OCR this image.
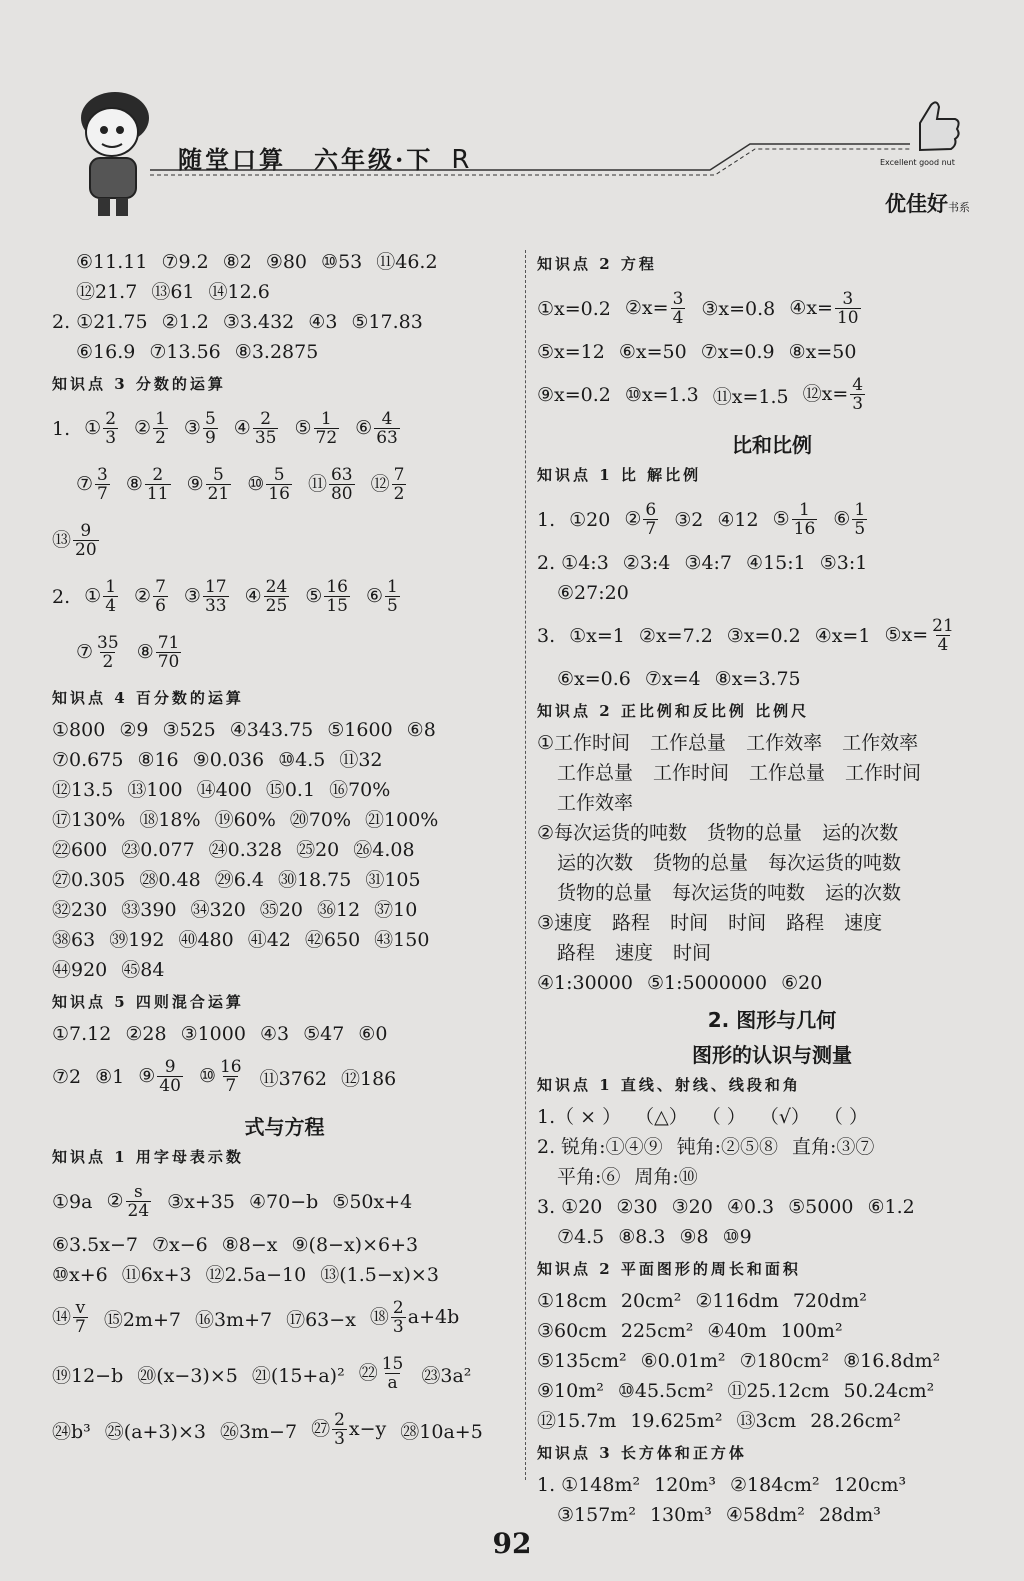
随堂口算 六年级·下 R	Excellent good nut
优佳好书系
⑥11.11 ⑦9.2 ⑧2 ⑨80 ⑩53 ⑪46.2
⑫21.7 ⑬61 ⑭12.6
2. ①21.75 ②1.2 ③3.432 ④3 ⑤17.83
⑥16.9 ⑦13.56 ⑧3.2875
知识点 3 分数的运算
1. ① $\frac{2}{3}$ ② $\frac{1}{2}$ ③ $\frac{5}{9}$ ④ $\frac{2}{35}$ ⑤ $\frac{1}{72}$ ⑥ $\frac{4}{63}$
⑦ $\frac{3}{7}$ ⑧ $\frac{2}{11}$ ⑨ $\frac{5}{21}$ ⑩ $\frac{5}{16}$ ⑪ $\frac{63}{80}$ ⑫ $\frac{7}{2}$
⑬ $\frac{9}{20}$
2. ① $\frac{1}{4}$ ② $\frac{7}{6}$ ③ $\frac{17}{33}$ ④ $\frac{24}{25}$ ⑤ $\frac{16}{15}$ ⑥ $\frac{1}{5}$
⑦ $\frac{35}{2}$ ⑧ $\frac{71}{70}$
知识点 4 百分数的运算
①800 ②9 ③525 ④343.75 ⑤1600 ⑥8
⑦0.675 ⑧16 ⑨0.036 ⑩4.5 ⑪32
⑫13.5 ⑬100 ⑭400 ⑮0.1 ⑯70%
⑰130% ⑱18% ⑲60% ⑳70% ㉑100%
㉒600 ㉓0.077 ㉔0.328 ㉕20 ㉖4.08
㉗0.305 ㉘0.48 ㉙6.4 ㉚18.75 ㉛105
㉜230 ㉝390 ㉞320 ㉟20 ㊱12 ㊲10
㊳63 ㊴192 ㊵480 ㊶42 ㊷650 ㊸150
㊹920 ㊺84
知识点 5 四则混合运算
①7.12 ②28 ③1000 ④3 ⑤47 ⑥0
⑦2 ⑧1 ⑨ $\frac{9}{40}$ ⑩ $\frac{16}{7}$ ⑪3762 ⑫186
式与方程
知识点 1 用字母表示数
①9a ② $\frac{s}{24}$ ③x+35 ④70−b ⑤50x+4
⑥3.5x−7 ⑦x−6 ⑧8−x ⑨(8−x)×6+3
⑩x+6 ⑪6x+3 ⑫2.5a−10 ⑬(1.5−x)×3
⑭ $\frac{v}{7}$ ⑮2m+7 ⑯3m+7 ⑰63−x ⑱ $\frac{2}{3} a+4b$
⑲12−b ⑳(x−3)×5 ㉑(15+a)² ㉒ $\frac{15}{a}$ ㉓3a²
㉔b³ ㉕(a+3)×3 ㉖3m−7 ㉗ $\frac{2}{3} x-y$ ㉘10a+5
知识点 2 方程
①x=0.2 ②x= $\frac{3}{4}$ ③x=0.8 ④x= $\frac{3}{10}$
⑤x=12 ⑥x=50 ⑦x=0.9 ⑧x=50
⑨x=0.2 ⑩x=1.3 ⑪x=1.5 ⑫x= $\frac{4}{3}$
比和比例
知识点 1 比 解比例
1. ①20 ② $\frac{6}{7}$ ③2 ④12 ⑤ $\frac{1}{16}$ ⑥ $\frac{1}{5}$
2. ①4:3 ②3:4 ③4:7 ④15:1 ⑤3:1
⑥27:20
3. ①x=1 ②x=7.2 ③x=0.2 ④x=1 ⑤x= $\frac{21}{4}$
⑥x=0.6 ⑦x=4 ⑧x=3.75
知识点 2 正比例和反比例 比例尺
①工作时间 工作总量 工作效率 工作效率
工作总量 工作时间 工作总量 工作时间
工作效率
②每次运货的吨数 货物的总量 运的次数
运的次数 货物的总量 每次运货的吨数
货物的总量 每次运货的吨数 运的次数
③速度 路程 时间 时间 路程 速度
路程 速度 时间
④1:30000 ⑤1:5000000 ⑥20
2. 图形与几何
图形的认识与测量
知识点 1 直线、射线、线段和角
1.（ × ） （△） （ ） （√） （ ）
2. 锐角:①④⑨ 钝角:②⑤⑧ 直角:③⑦
平角:⑥ 周角:⑩
3. ①20 ②30 ③20 ④0.3 ⑤5000 ⑥1.2
⑦4.5 ⑧8.3 ⑨8 ⑩9
知识点 2 平面图形的周长和面积
①18cm 20cm² ②116dm 720dm²
③60cm 225cm² ④40m 100m²
⑤135cm² ⑥0.01m² ⑦180cm² ⑧16.8dm²
⑨10m² ⑩45.5cm² ⑪25.12cm 50.24cm²
⑫15.7m 19.625m² ⑬3cm 28.26cm²
知识点 3 长方体和正方体
1. ①148m² 120m³ ②184cm² 120cm³
③157m² 130m³ ④58dm² 28dm³
92
